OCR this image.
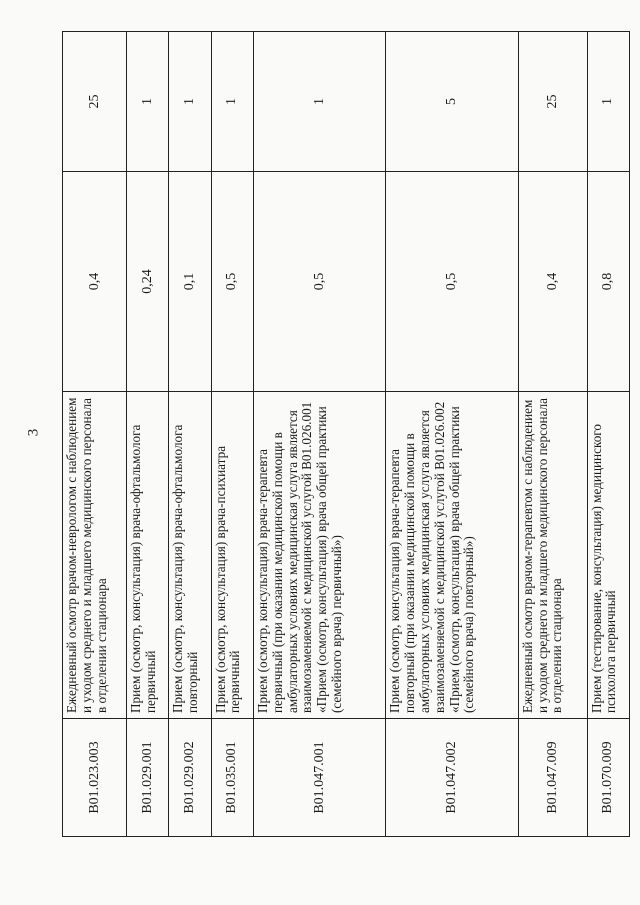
3
B01.023.003	Ежедневный осмотр врачом-неврологом с наблюдением и уходом среднего и младшего медицинского персонала в отделении стационара	0,4	25
B01.029.001	Прием (осмотр, консультация) врача-офтальмолога первичный	0,24	1
B01.029.002	Прием (осмотр, консультация) врача-офтальмолога повторный	0,1	1
B01.035.001	Прием (осмотр, консультация) врача-психиатра первичный	0,5	1
B01.047.001	Прием (осмотр, консультация) врача-терапевта первичный (при оказании медицинской помощи в амбулаторных условиях медицинская услуга является взаимозаменяемой с медицинской услугой B01.026.001 «Прием (осмотр, консультация) врача общей практики (семейного врача) первичный»)	0,5	1
B01.047.002	Прием (осмотр, консультация) врача-терапевта повторный (при оказании медицинской помощи в амбулаторных условиях медицинская услуга является взаимозаменяемой с медицинской услугой B01.026.002 «Прием (осмотр, консультация) врача общей практики (семейного врача) повторный»)	0,5	5
B01.047.009	Ежедневный осмотр врачом-терапевтом с наблюдением и уходом среднего и младшего медицинского персонала в отделении стационара	0,4	25
B01.070.009	Прием (тестирование, консультация) медицинского психолога первичный	0,8	1
